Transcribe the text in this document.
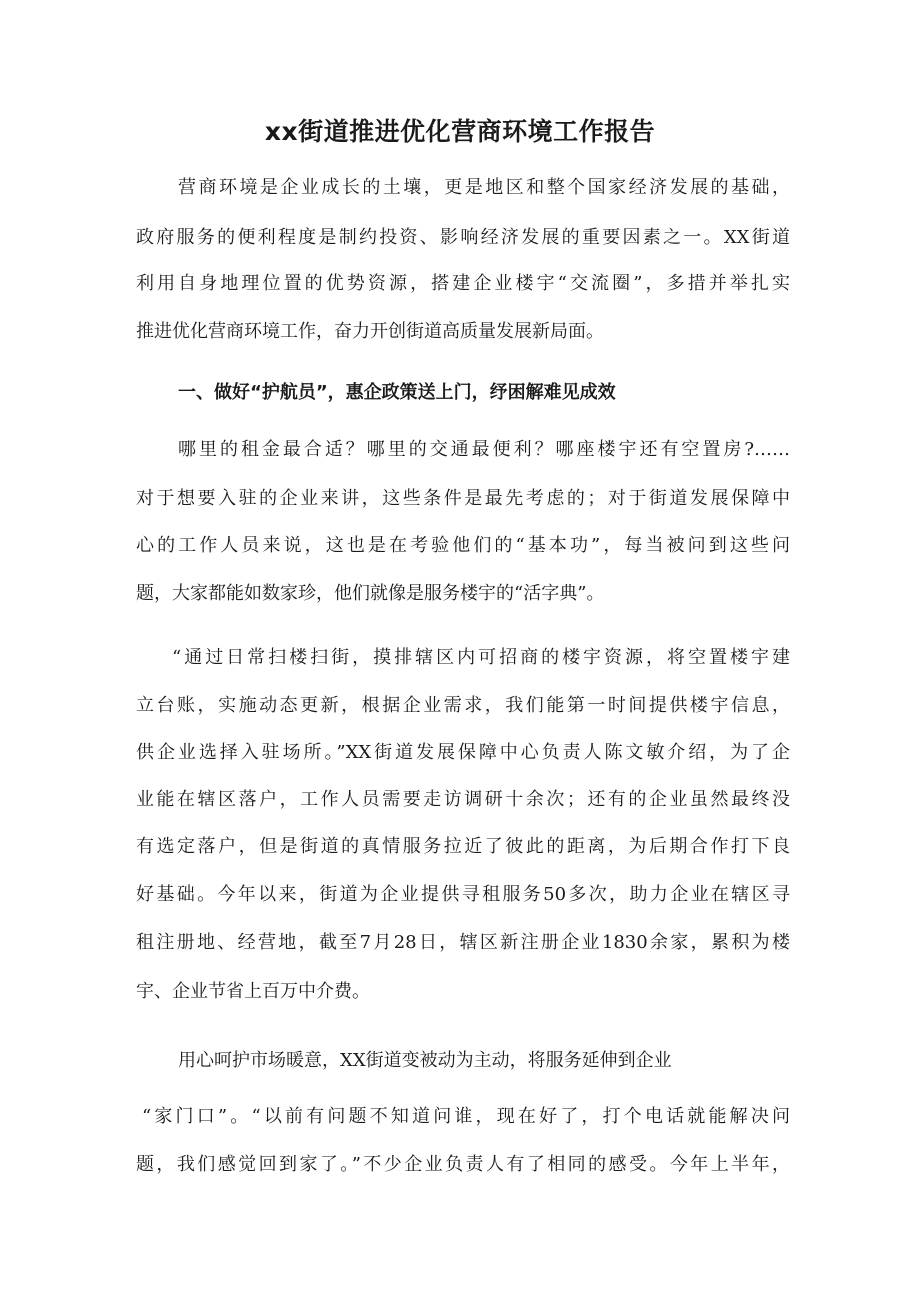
xx街道推进优化营商环境工作报告
营商环境是企业成长的土壤，更是地区和整个国家经济发展的基础，
政府服务的便利程度是制约投资、影响经济发展的重要因素之一。XX街道
利用自身地理位置的优势资源，搭建企业楼宇“交流圈”，多措并举扎实
推进优化营商环境工作，奋力开创街道高质量发展新局面。
一、做好“护航员”，惠企政策送上门，纾困解难见成效
哪里的租金最合适？哪里的交通最便利？哪座楼宇还有空置房?……
对于想要入驻的企业来讲，这些条件是最先考虑的；对于街道发展保障中
心的工作人员来说，这也是在考验他们的“基本功”，每当被问到这些问
题，大家都能如数家珍，他们就像是服务楼宇的“活字典”。
“通过日常扫楼扫街，摸排辖区内可招商的楼宇资源，将空置楼宇建
立台账，实施动态更新，根据企业需求，我们能第一时间提供楼宇信息，
供企业选择入驻场所。”XX街道发展保障中心负责人陈文敏介绍，为了企
业能在辖区落户，工作人员需要走访调研十余次；还有的企业虽然最终没
有选定落户，但是街道的真情服务拉近了彼此的距离，为后期合作打下良
好基础。今年以来，街道为企业提供寻租服务50多次，助力企业在辖区寻
租注册地、经营地，截至7月28日，辖区新注册企业1830余家，累积为楼
宇、企业节省上百万中介费。
用心呵护市场暖意，XX街道变被动为主动，将服务延伸到企业
“家门口”。“以前有问题不知道问谁，现在好了，打个电话就能解决问
题，我们感觉回到家了。”不少企业负责人有了相同的感受。今年上半年，
